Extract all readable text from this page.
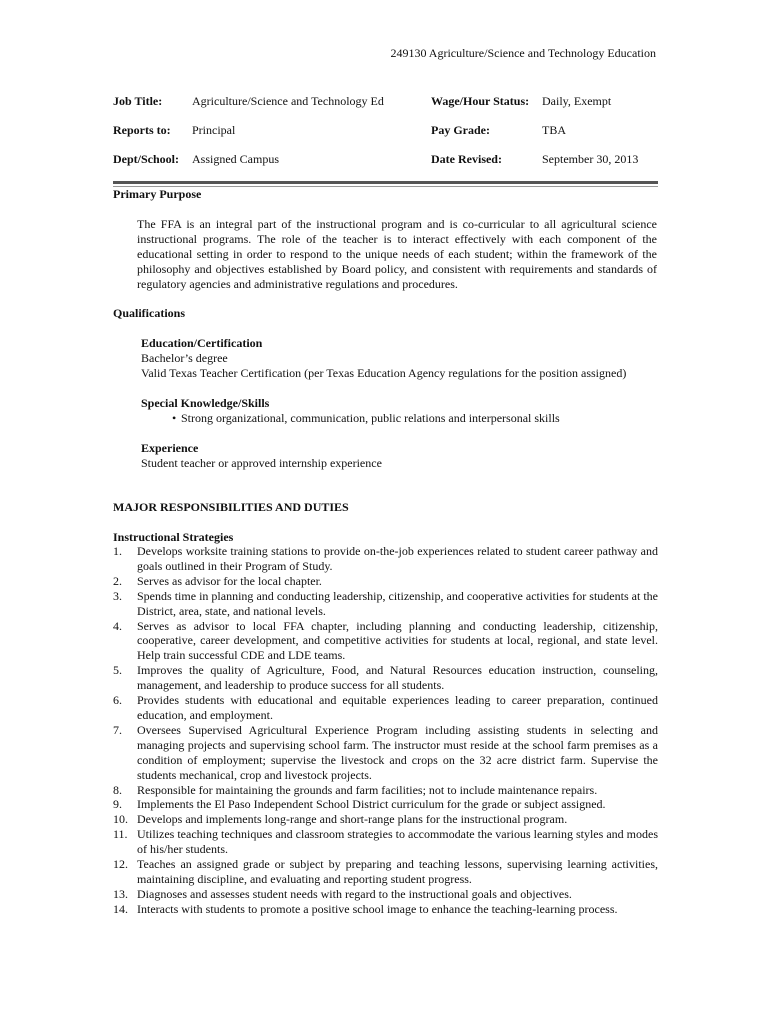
249130 Agriculture/Science and Technology Education
Job Title: Agriculture/Science and Technology Ed	Wage/Hour Status: Daily, Exempt
Reports to: Principal	Pay Grade:	TBA
Dept/School: Assigned Campus	Date Revised:	September 30, 2013
Primary Purpose

The FFA is an integral part of the instructional program and is co-curricular to all agricultural science instructional programs. The role of the teacher is to interact effectively with each component of the educational setting in order to respond to the unique needs of each student; within the framework of the philosophy and objectives established by Board policy, and consistent with requirements and standards of regulatory agencies and administrative regulations and procedures.

Qualifications
Education/Certification
Bachelor’s degree
Valid Texas Teacher Certification (per Texas Education Agency regulations for the position assigned)
Special Knowledge/Skills
• Strong organizational, communication, public relations and interpersonal skills
Experience
Student teacher or approved internship experience
MAJOR RESPONSIBILITIES AND DUTIES
Instructional Strategies
1.	Develops worksite training stations to provide on-the-job experiences related to student career pathway and goals outlined in their Program of Study.
2.	Serves as advisor for the local chapter.
3.	Spends time in planning and conducting leadership, citizenship, and cooperative activities for students at the District, area, state, and national levels.
4.	Serves as advisor to local FFA chapter, including planning and conducting leadership, citizenship, cooperative, career development, and competitive activities for students at local, regional, and state level. Help train successful CDE and LDE teams.
5.	Improves the quality of Agriculture, Food, and Natural Resources education instruction, counseling, management, and leadership to produce success for all students.
6.	Provides students with educational and equitable experiences leading to career preparation, continued education, and employment.
7.	Oversees Supervised Agricultural Experience Program including assisting students in selecting and managing projects and supervising school farm. The instructor must reside at the school farm premises as a condition of employment; supervise the livestock and crops on the 32 acre district farm. Supervise the students mechanical, crop and livestock projects.
8.	Responsible for maintaining the grounds and farm facilities; not to include maintenance repairs.
9.	Implements the El Paso Independent School District curriculum for the grade or subject assigned.
10. Develops and implements long-range and short-range plans for the instructional program.
11. Utilizes teaching techniques and classroom strategies to accommodate the various learning styles and modes of his/her students.
12. Teaches an assigned grade or subject by preparing and teaching lessons, supervising learning activities, maintaining discipline, and evaluating and reporting student progress.
13. Diagnoses and assesses student needs with regard to the instructional goals and objectives.
14. Interacts with students to promote a positive school image to enhance the teaching-learning process.
